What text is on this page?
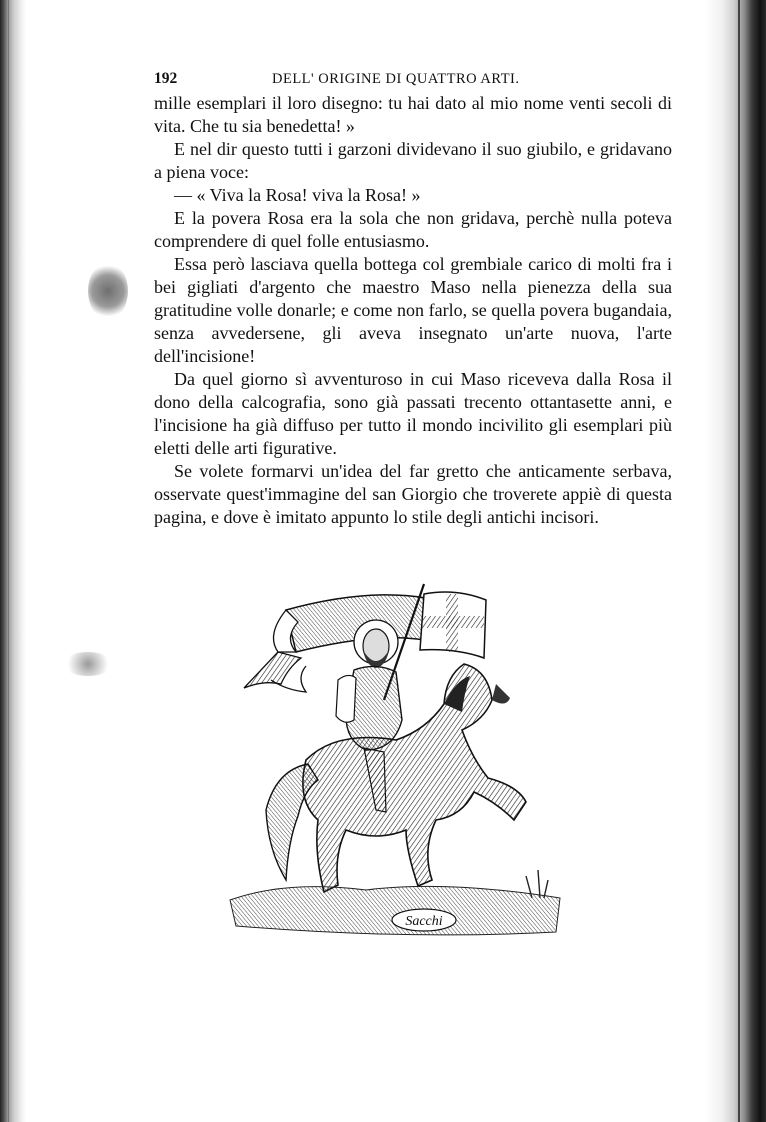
192	DELL' ORIGINE DI QUATTRO ARTI.

mille esemplari il loro disegno: tu hai dato al mio nome venti secoli di vita. Che tu sia benedetta! »

E nel dir questo tutti i garzoni dividevano il suo giubilo, e gridavano a piena voce:

— « Viva la Rosa! viva la Rosa! »

E la povera Rosa era la sola che non gridava, perchè nulla poteva comprendere di quel folle entusiasmo.

Essa però lasciava quella bottega col grembiale carico di molti fra i bei gigliati d'argento che maestro Maso nella pienezza della sua gratitudine volle donarle; e come non farlo, se quella povera bugandaia, senza avvedersene, gli aveva insegnato un'arte nuova, l'arte dell'incisione!

Da quel giorno sì avventuroso in cui Maso riceveva dalla Rosa il dono della calcografia, sono già passati trecento ottantasette anni, e l'incisione ha già diffuso per tutto il mondo incivilito gli esemplari più eletti delle arti figurative.

Se volete formarvi un'idea del far gretto che anticamente serbava, osservate quest'immagine del san Giorgio che troverete appiè di questa pagina, e dove è imitato appunto lo stile degli antichi incisori.

Sacchi
